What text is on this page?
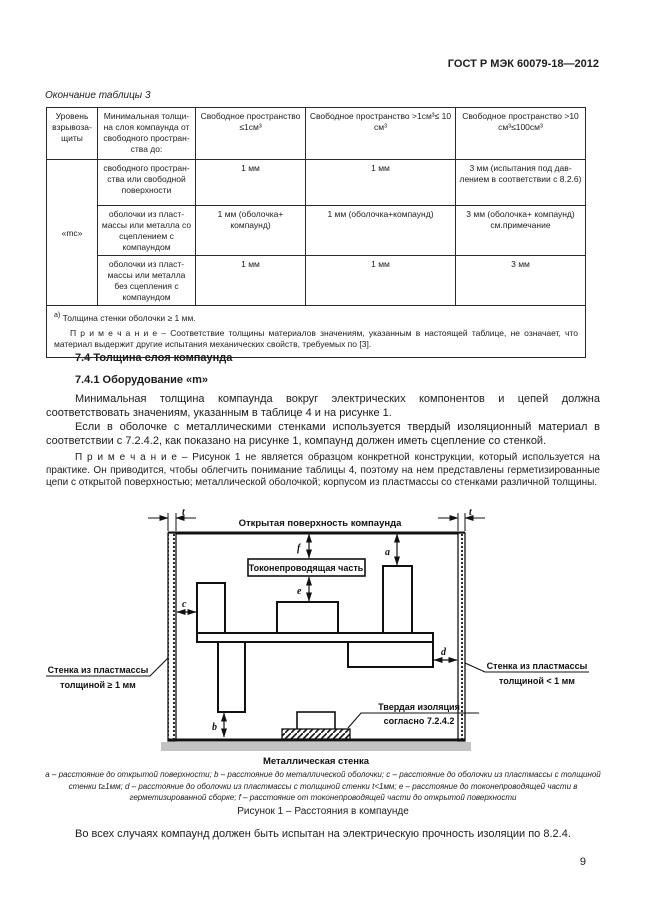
ГОСТ Р МЭК 60079-18—2012
Окончание таблицы 3
Уровень взрывоза-щиты	Минимальная толщи-на слоя компаунда от свободного простран-ства до:	Свободное пространство ≤1см³	Свободное пространство >1см³≤ 10 см³	Свободное пространство >10 см³≤100см³
«mc»	свободного простран-ства или свободной поверхности	1 мм	1 мм	3 мм (испытания под дав-лением в соответствии с 8.2.6)
	оболочки из пласт-массы или металла со сцеплением с компаундом	1 мм (оболочка+ компаунд)	1 мм (оболочка+компаунд)	3 мм (оболочка+ компаунд) см.примечание
	оболочки из пласт-массы или металла без сцепления с компаундом	1 мм	1 мм	3 мм

$^{а)}$ Толщина стенки оболочки ≥ 1 мм.
П р и м е ч а н и е – Соответствие толщины материалов значениям, указанным в настоящей таблице, не означает, что материал выдержит другие испытания механических свойств, требуемых по [3].				
7.4 Толщина слоя компаунда
7.4.1 Оборудование «m»
Минимальная толщина компаунда вокруг электрических компонентов и цепей должна соответствовать значениям, указанным в таблице 4 и на рисунке 1.
Если в оболочке с металлическими стенками используется твердый изоляционный материал в соответствии с 7.2.4.2, как показано на рисунке 1, компаунд должен иметь сцепление со стенкой.
П р и м е ч а н и е – Рисунок 1 не является образцом конкретной конструкции, который используется на практике. Он приводится, чтобы облегчить понимание таблицы 4, поэтому на нем представлены герметизированные цепи с открытой поверхностью; металлической оболочкой; корпусом из пластмассы со стенками различной толщины.
Открытая поверхность компаунда
t	t
Токонепроводящая часть
f	a
e
c
b
d
Твердая изоляция
согласно 7.2.4.2
Металлическая стенка
Стенка из пластмассы
толщиной ≥ 1 мм
Стенка из пластмассы
толщиной < 1 мм
a – расстояние до открытой поверхности; b – расстояние до металлической оболочки; c – расстояние до оболочки из пластмассы с толщиной стенки t≥1мм; d – расстояние до оболочки из пластмассы с толщиной стенки t<1мм; e – расстояние до токонепроводящей части в герметизированной сборке; f – расстояние от токонепроводящей части до открытой поверхности
Рисунок 1 – Расстояния в компаунде
Во всех случаях компаунд должен быть испытан на электрическую прочность изоляции по 8.2.4.
9
